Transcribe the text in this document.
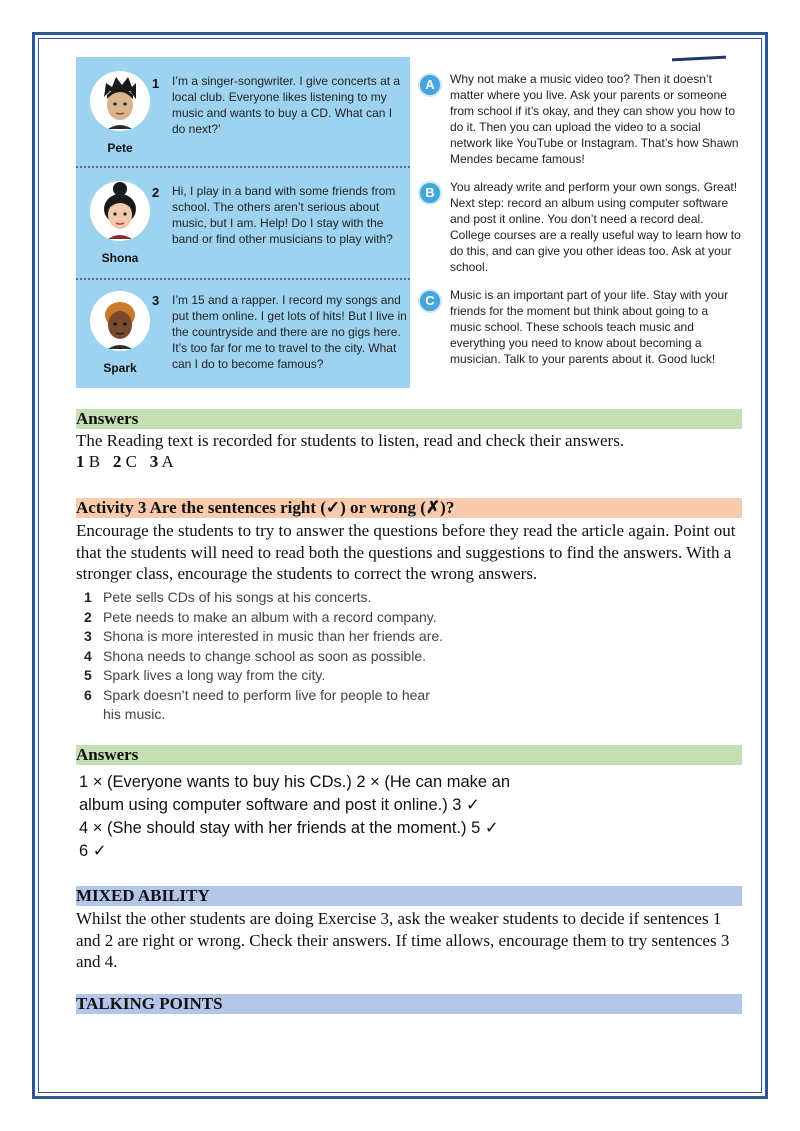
Pete
1 I’m a singer-songwriter. I give concerts at a local club. Everyone likes listening to my music and wants to buy a CD. What can I do next?’
Shona
2 Hi, I play in a band with some friends from school. The others aren’t serious about music, but I am. Help! Do I stay with the band or find other musicians to play with?
Spark
3 I’m 15 and a rapper. I record my songs and put them online. I get lots of hits! But I live in the countryside and there are no gigs here. It’s too far for me to travel to the city. What can I do to become famous?
A	Why not make a music video too? Then it doesn’t matter where you live. Ask your parents or someone from school if it’s okay, and they can show you how to do it. Then you can upload the video to a social network like YouTube or Instagram. That’s how Shawn Mendes became famous!
B	You already write and perform your own songs. Great! Next step: record an album using computer software and post it online. You don’t need a record deal. College courses are a really useful way to learn how to do this, and can give you other ideas too. Ask at your school.
C	Music is an important part of your life. Stay with your friends for the moment but think about going to a music school. These schools teach music and everything you need to know about becoming a musician. Talk to your parents about it. Good luck!
Answers
The Reading text is recorded for students to listen, read and check their answers.
1 B 2 C 3 A
Activity 3 Are the sentences right (✓) or wrong (✗)?
Encourage the students to try to answer the questions before they read the article again. Point out that the students will need to read both the questions and suggestions to find the answers. With a stronger class, encourage the students to correct the wrong answers.
1 Pete sells CDs of his songs at his concerts.
2 Pete needs to make an album with a record company.
3 Shona is more interested in music than her friends are.
4 Shona needs to change school as soon as possible.
5 Spark lives a long way from the city.
6 Spark doesn’t need to perform live for people to hear
his music.
Answers
1 × (Everyone wants to buy his CDs.) 2 × (He can make an
album using computer software and post it online.) 3 ✓
4 × (She should stay with her friends at the moment.) 5 ✓
6 ✓
MIXED ABILITY
Whilst the other students are doing Exercise 3, ask the weaker students to decide if sentences 1 and 2 are right or wrong. Check their answers. If time allows, encourage them to try sentences 3 and 4.
TALKING POINTS
